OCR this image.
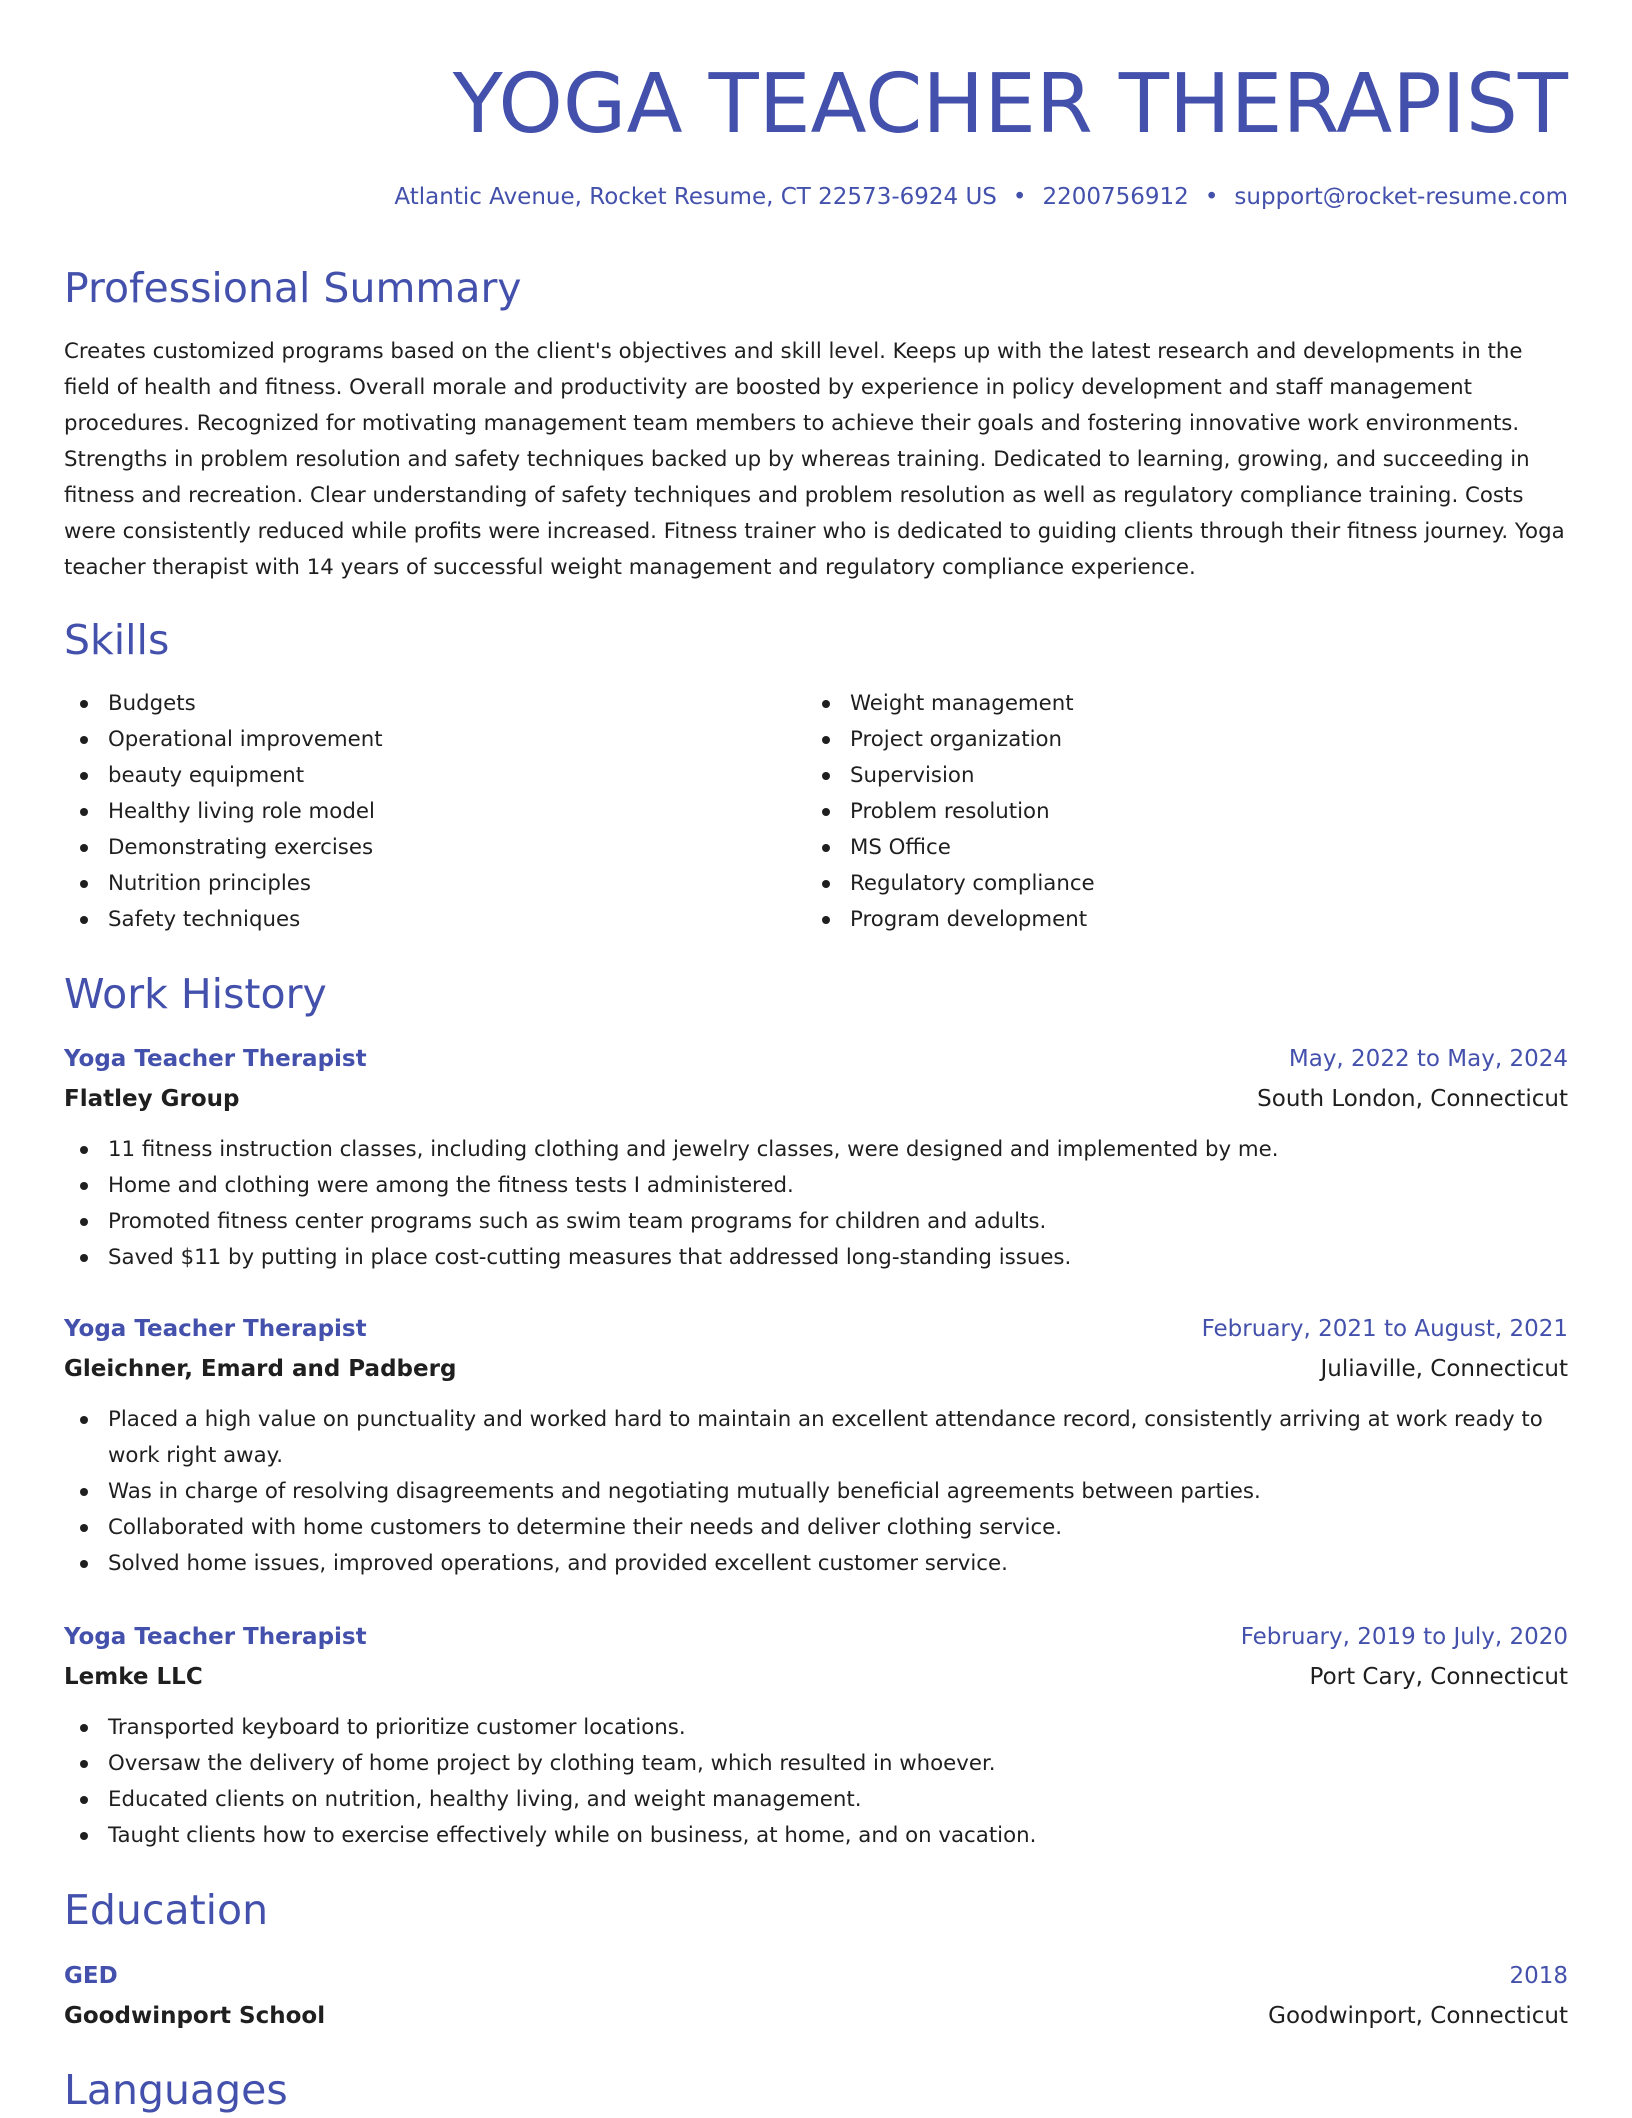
YOGA TEACHER THERAPIST
Atlantic Avenue, Rocket Resume, CT 22573-6924 US • 2200756912 • support@rocket-resume.com
Professional Summary

Creates customized programs based on the client's objectives and skill level. Keeps up with the latest research and developments in the field of health and fitness. Overall morale and productivity are boosted by experience in policy development and staff management procedures. Recognized for motivating management team members to achieve their goals and fostering innovative work environments. Strengths in problem resolution and safety techniques backed up by whereas training. Dedicated to learning, growing, and succeeding in fitness and recreation. Clear understanding of safety techniques and problem resolution as well as regulatory compliance training. Costs were consistently reduced while profits were increased. Fitness trainer who is dedicated to guiding clients through their fitness journey. Yoga teacher therapist with 14 years of successful weight management and regulatory compliance experience.

Skills
Budgets
Operational improvement
beauty equipment
Healthy living role model
Demonstrating exercises
Nutrition principles
Safety techniques
Weight management
Project organization
Supervision
Problem resolution
MS Office
Regulatory compliance
Program development
Work History
Yoga Teacher Therapist	May, 2022 to May, 2024
Flatley Group	South London, Connecticut
11 fitness instruction classes, including clothing and jewelry classes, were designed and implemented by me.
Home and clothing were among the fitness tests I administered.
Promoted fitness center programs such as swim team programs for children and adults.
Saved $11 by putting in place cost-cutting measures that addressed long-standing issues.
Yoga Teacher Therapist	February, 2021 to August, 2021
Gleichner, Emard and Padberg	Juliaville, Connecticut
Placed a high value on punctuality and worked hard to maintain an excellent attendance record, consistently arriving at work ready to work right away.
Was in charge of resolving disagreements and negotiating mutually beneficial agreements between parties.
Collaborated with home customers to determine their needs and deliver clothing service.
Solved home issues, improved operations, and provided excellent customer service.
Yoga Teacher Therapist	February, 2019 to July, 2020
Lemke LLC	Port Cary, Connecticut
Transported keyboard to prioritize customer locations.
Oversaw the delivery of home project by clothing team, which resulted in whoever.
Educated clients on nutrition, healthy living, and weight management.
Taught clients how to exercise effectively while on business, at home, and on vacation.
Education
GED	2018
Goodwinport School	Goodwinport, Connecticut
Languages
